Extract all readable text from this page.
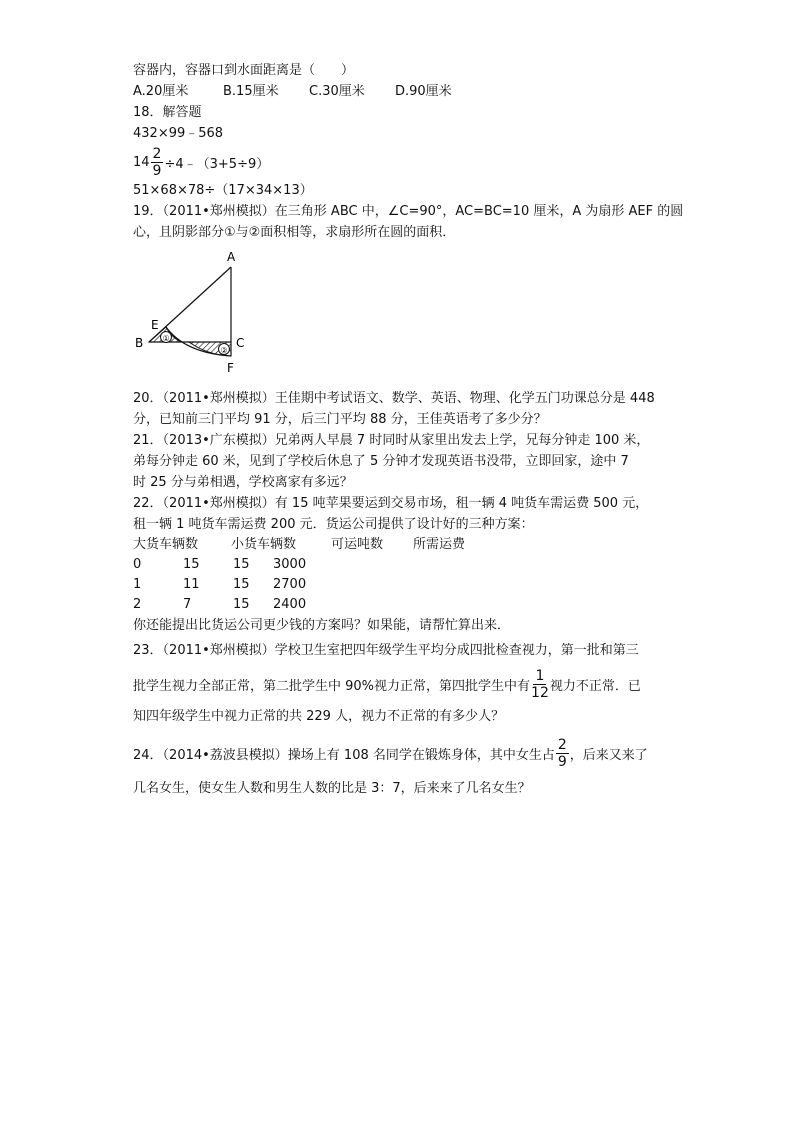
容器内，容器口到水面距离是（　　）
A.20厘米	B.15厘米 C.30厘米 D.90厘米
18．解答题
432×99﹣568
$14 \frac{2}{9}$ ÷4﹣（3+5÷9）
51×68×78÷（17×34×13）
19．（2011•郑州模拟）在三角形 ABC 中，∠C=90°，AC=BC=10 厘米，A 为扇形 AEF 的圆
心，且阴影部分①与②面积相等，求扇形所在圆的面积．
A
B	C
E
F
①
②
20．（2011•郑州模拟）王佳期中考试语文、数学、英语、物理、化学五门功课总分是 448
分，已知前三门平均 91 分，后三门平均 88 分，王佳英语考了多少分？
21．（2013•广东模拟）兄弟两人早晨 7 时同时从家里出发去上学，兄每分钟走 100 米，
弟每分钟走 60 米，见到了学校后休息了 5 分钟才发现英语书没带，立即回家，途中 7
时 25 分与弟相遇，学校离家有多远？
22．（2011•郑州模拟）有 15 吨苹果要运到交易市场，租一辆 4 吨货车需运费 500 元，
租一辆 1 吨货车需运费 200 元．货运公司提供了设计好的三种方案：
大货车辆数	小货车辆数	可运吨数	所需运费
0	15	15	3000
1	11	15	2700
2	7	15	2400
你还能提出比货运公司更少钱的方案吗？如果能，请帮忙算出来．
23．（2011•郑州模拟）学校卫生室把四年级学生平均分成四批检查视力，第一批和第三
批学生视力全部正常，第二批学生中 90%视力正常，第四批学生中有 $\frac{1}{12}$ 视力不正常．已
知四年级学生中视力正常的共 229 人，视力不正常的有多少人？
24．（2014•荔波县模拟）操场上有 108 名同学在锻炼身体，其中女生占 $\frac{2}{9}$ ，后来又来了
几名女生，使女生人数和男生人数的比是 3：7，后来来了几名女生？
